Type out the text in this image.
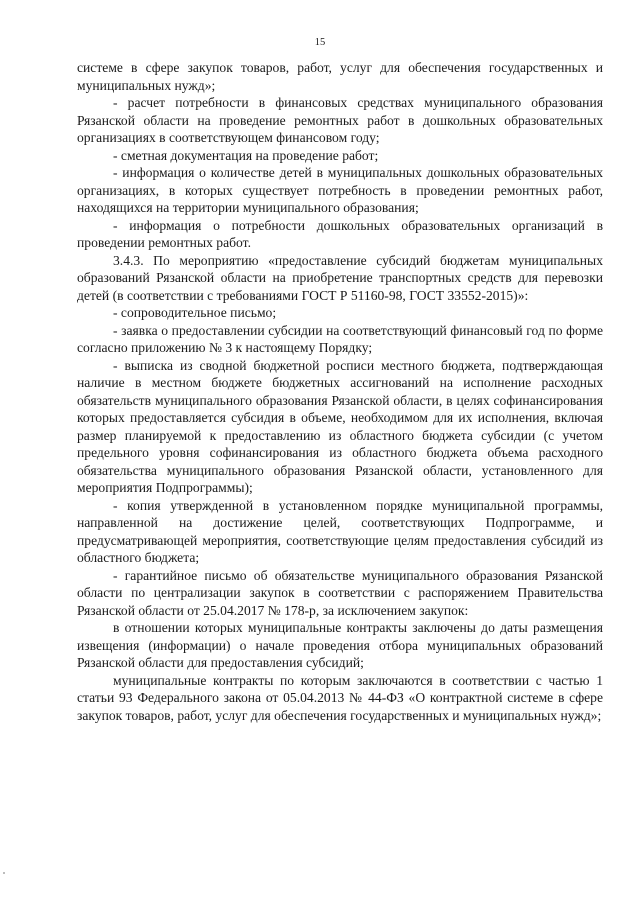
15

системе в сфере закупок товаров, работ, услуг для обеспечения государственных и муниципальных нужд»;

- расчет потребности в финансовых средствах муниципального образования Рязанской области на проведение ремонтных работ в дошкольных образовательных организациях в соответствующем финансовом году;

- сметная документация на проведение работ;

- информация о количестве детей в муниципальных дошкольных образовательных организациях, в которых существует потребность в проведении ремонтных работ, находящихся на территории муниципального образования;

- информация о потребности дошкольных образовательных организаций в проведении ремонтных работ.

3.4.3. По мероприятию «предоставление субсидий бюджетам муниципальных образований Рязанской области на приобретение транспортных средств для перевозки детей (в соответствии с требованиями ГОСТ Р 51160-98, ГОСТ 33552-2015)»:

- сопроводительное письмо;

- заявка о предоставлении субсидии на соответствующий финансовый год по форме согласно приложению № 3 к настоящему Порядку;

- выписка из сводной бюджетной росписи местного бюджета, подтверждающая наличие в местном бюджете бюджетных ассигнований на исполнение расходных обязательств муниципального образования Рязанской области, в целях софинансирования которых предоставляется субсидия в объеме, необходимом для их исполнения, включая размер планируемой к предоставлению из областного бюджета субсидии (с учетом предельного уровня софинансирования из областного бюджета объема расходного обязательства муниципального образования Рязанской области, установленного для мероприятия Подпрограммы);

- копия утвержденной в установленном порядке муниципальной программы, направленной на достижение целей, соответствующих Подпрограмме, и предусматривающей мероприятия, соответствующие целям предоставления субсидий из областного бюджета;

- гарантийное письмо об обязательстве муниципального образования Рязанской области по централизации закупок в соответствии с распоряжением Правительства Рязанской области от 25.04.2017 № 178-р, за исключением закупок:

в отношении которых муниципальные контракты заключены до даты размещения извещения (информации) о начале проведения отбора муниципальных образований Рязанской области для предоставления субсидий;

муниципальные контракты по которым заключаются в соответствии с частью 1 статьи 93 Федерального закона от 05.04.2013 № 44-ФЗ «О контрактной системе в сфере закупок товаров, работ, услуг для обеспечения государственных и муниципальных нужд»;
